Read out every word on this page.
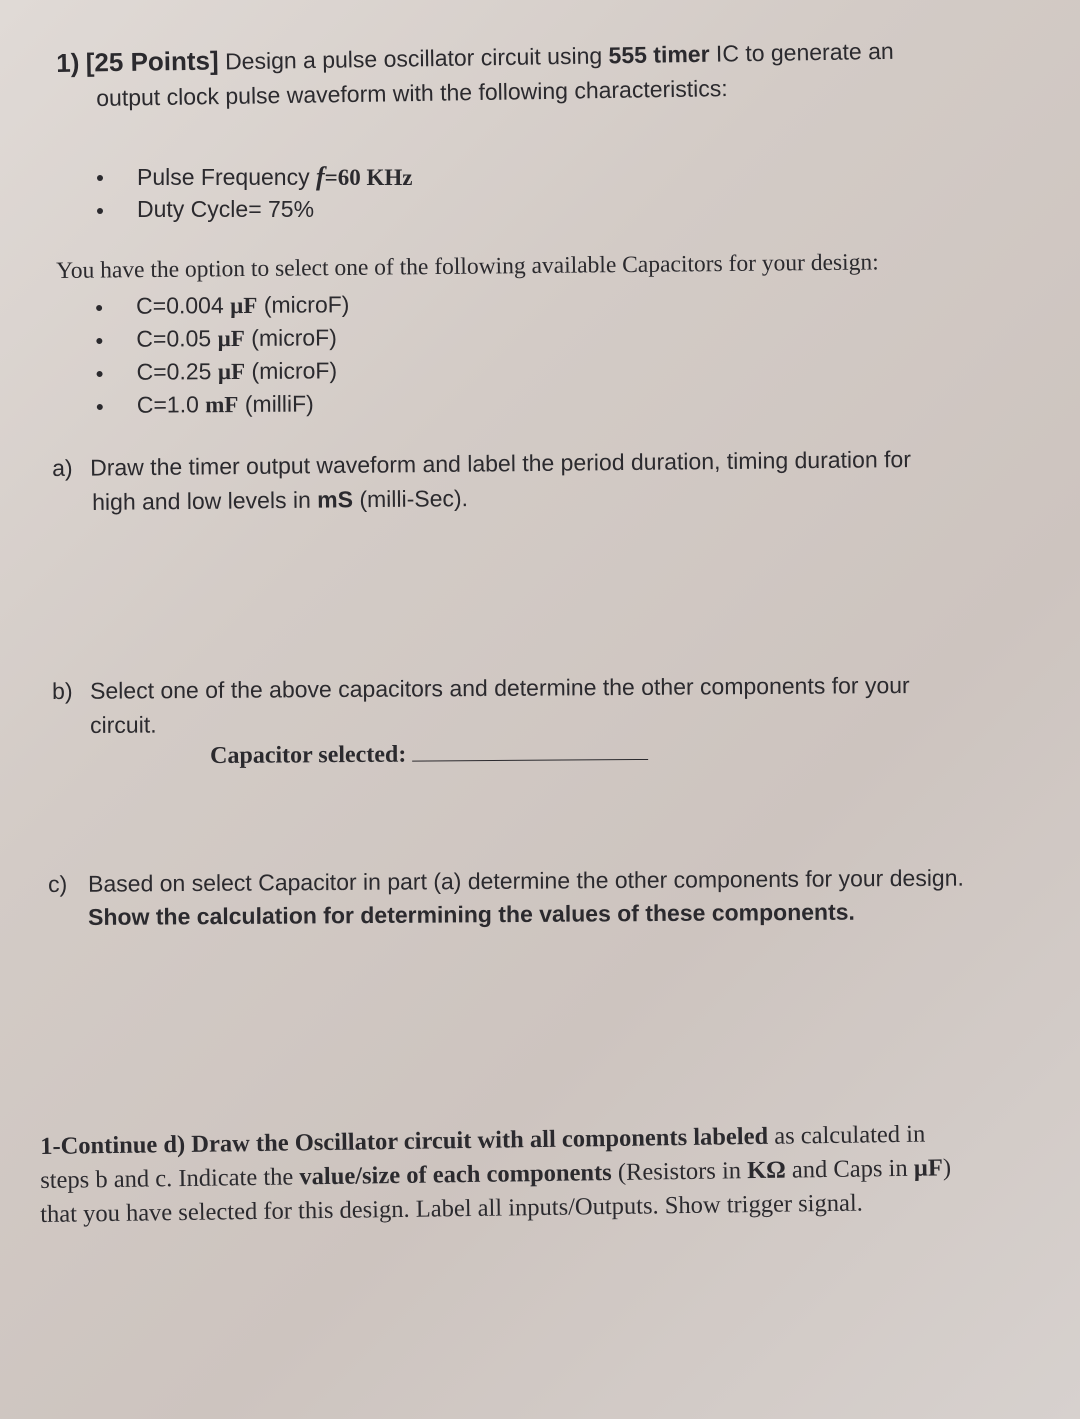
1) [25 Points] Design a pulse oscillator circuit using 555 timer IC to generate an
output clock pulse waveform with the following characteristics:
Pulse Frequency f=60 KHz
Duty Cycle= 75%
You have the option to select one of the following available Capacitors for your design:
C=0.004 µF (microF)
C=0.05 µF (microF)
C=0.25 µF (microF)
C=1.0 mF (milliF)
a) Draw the timer output waveform and label the period duration, timing duration for
high and low levels in mS (milli-Sec).
b) Select one of the above capacitors and determine the other components for your
circuit.
Capacitor selected:
c) Based on select Capacitor in part (a) determine the other components for your design.
Show the calculation for determining the values of these components.
1-Continue d) Draw the Oscillator circuit with all components labeled as calculated in
steps b and c. Indicate the value/size of each components (Resistors in KΩ and Caps in µF)
that you have selected for this design. Label all inputs/Outputs. Show trigger signal.
